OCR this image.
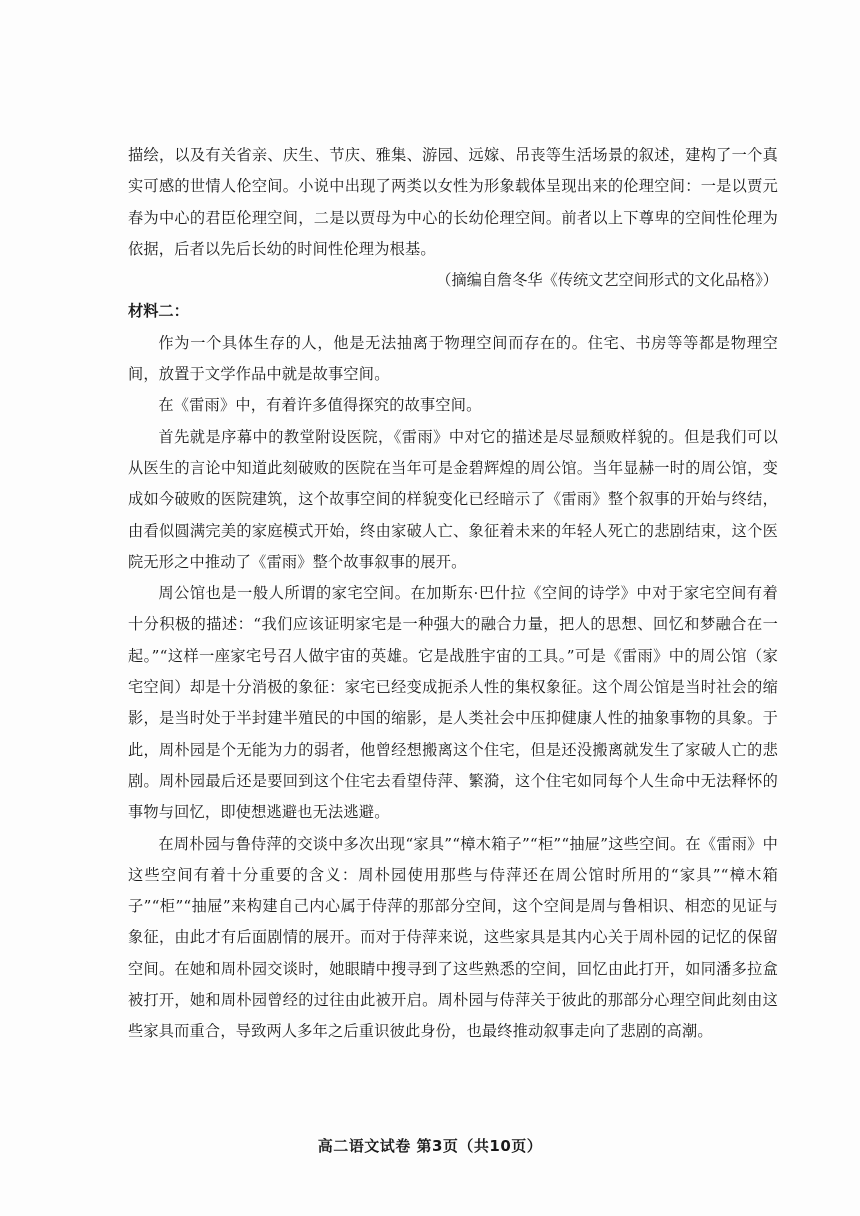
描绘，以及有关省亲、庆生、节庆、雅集、游园、远嫁、吊丧等生活场景的叙述，建构了一个真实可感的世情人伦空间。小说中出现了两类以女性为形象载体呈现出来的伦理空间：一是以贾元春为中心的君臣伦理空间，二是以贾母为中心的长幼伦理空间。前者以上下尊卑的空间性伦理为依据，后者以先后长幼的时间性伦理为根基。

（摘编自詹冬华《传统文艺空间形式的文化品格》）

材料二：

作为一个具体生存的人，他是无法抽离于物理空间而存在的。住宅、书房等等都是物理空间，放置于文学作品中就是故事空间。

在《雷雨》中，有着许多值得探究的故事空间。

首先就是序幕中的教堂附设医院，《雷雨》中对它的描述是尽显颓败样貌的。但是我们可以从医生的言论中知道此刻破败的医院在当年可是金碧辉煌的周公馆。当年显赫一时的周公馆，变成如今破败的医院建筑，这个故事空间的样貌变化已经暗示了《雷雨》整个叙事的开始与终结，由看似圆满完美的家庭模式开始，终由家破人亡、象征着未来的年轻人死亡的悲剧结束，这个医院无形之中推动了《雷雨》整个故事叙事的展开。

周公馆也是一般人所谓的家宅空间。在加斯东·巴什拉《空间的诗学》中对于家宅空间有着十分积极的描述：“我们应该证明家宅是一种强大的融合力量，把人的思想、回忆和梦融合在一起。”“这样一座家宅号召人做宇宙的英雄。它是战胜宇宙的工具。”可是《雷雨》中的周公馆（家宅空间）却是十分消极的象征：家宅已经变成扼杀人性的集权象征。这个周公馆是当时社会的缩影，是当时处于半封建半殖民的中国的缩影，是人类社会中压抑健康人性的抽象事物的具象。于此，周朴园是个无能为力的弱者，他曾经想搬离这个住宅，但是还没搬离就发生了家破人亡的悲剧。周朴园最后还是要回到这个住宅去看望侍萍、繁漪，这个住宅如同每个人生命中无法释怀的事物与回忆，即使想逃避也无法逃避。

在周朴园与鲁侍萍的交谈中多次出现“家具”“樟木箱子”“柜”“抽屉”这些空间。在《雷雨》中这些空间有着十分重要的含义：周朴园使用那些与侍萍还在周公馆时所用的“家具”“樟木箱子”“柜”“抽屉”来构建自己内心属于侍萍的那部分空间，这个空间是周与鲁相识、相恋的见证与象征，由此才有后面剧情的展开。而对于侍萍来说，这些家具是其内心关于周朴园的记忆的保留空间。在她和周朴园交谈时，她眼睛中搜寻到了这些熟悉的空间，回忆由此打开，如同潘多拉盒被打开，她和周朴园曾经的过往由此被开启。周朴园与侍萍关于彼此的那部分心理空间此刻由这些家具而重合，导致两人多年之后重识彼此身份，也最终推动叙事走向了悲剧的高潮。

高二语文试卷 第3页（共10页）
